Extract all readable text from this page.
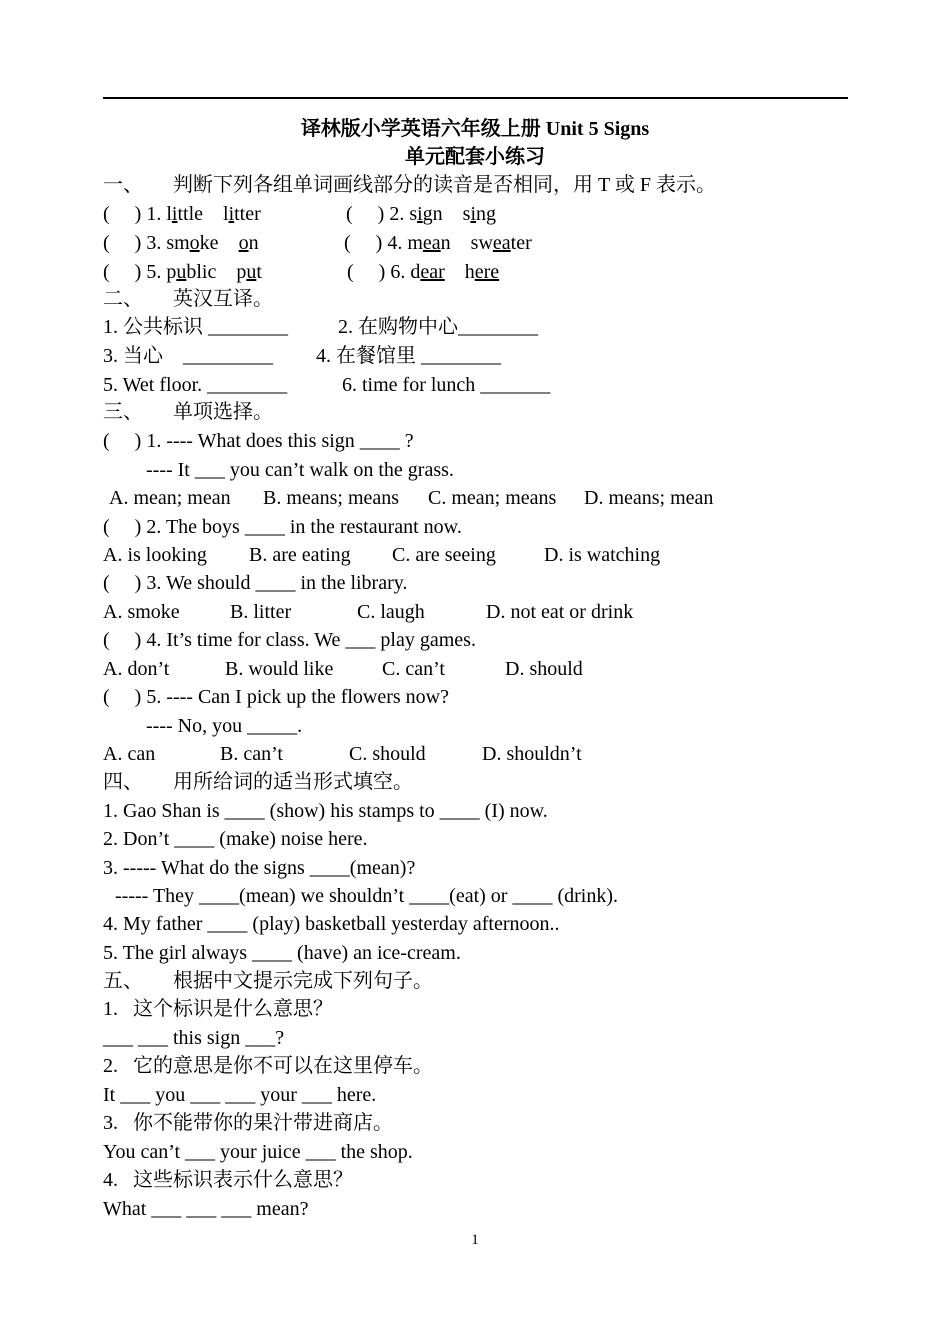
译林版小学英语六年级上册 Unit 5 Signs
单元配套小练习
一、　　判断下列各组单词画线部分的读音是否相同，用 T 或 F 表示。
(　 ) 1. little　litter	(　 ) 2. sign　sing
(　 ) 3. smoke　on	(　 ) 4. mean　sweater
(　 ) 5. public　put	(　 ) 6. dear　here
二、　　英汉互译。
1. 公共标识 ________	2. 在购物中心________
3. 当心　_________ 4. 在餐馆里 ________
5. Wet floor. ________	6. time for lunch _______
三、　　单项选择。
(　 ) 1. ---- What does this sign ____ ?
---- It ___ you can’t walk on the grass.
A. mean; mean B. means; means C. mean; means D. means; mean
(　 ) 2. The boys ____ in the restaurant now.
A. is looking B. are eating C. are seeing D. is watching
(　 ) 3. We should ____ in the library.
A. smoke	B. litter	C. laugh	D. not eat or drink
(　 ) 4. It’s time for class. We ___ play games.
A. don’t	B. would like C. can’t	D. should
(　 ) 5. ---- Can I pick up the flowers now?
---- No, you _____.
A. can	B. can’t	C. should	D. shouldn’t
四、　　用所给词的适当形式填空。
1. Gao Shan is ____ (show) his stamps to ____ (I) now.
2. Don’t ____ (make) noise here.
3. ----- What do the signs ____(mean)?
----- They ____(mean) we shouldn’t ____(eat) or ____ (drink).
4. My father ____ (play) basketball yesterday afternoon..
5. The girl always ____ (have) an ice-cream.
五、　　根据中文提示完成下列句子。
1.   这个标识是什么意思？
___ ___ this sign ___?
2.   它的意思是你不可以在这里停车。
It ___ you ___ ___ your ___ here.
3.   你不能带你的果汁带进商店。
You can’t ___ your juice ___ the shop.
4.   这些标识表示什么意思？
What ___ ___ ___ mean?
1
